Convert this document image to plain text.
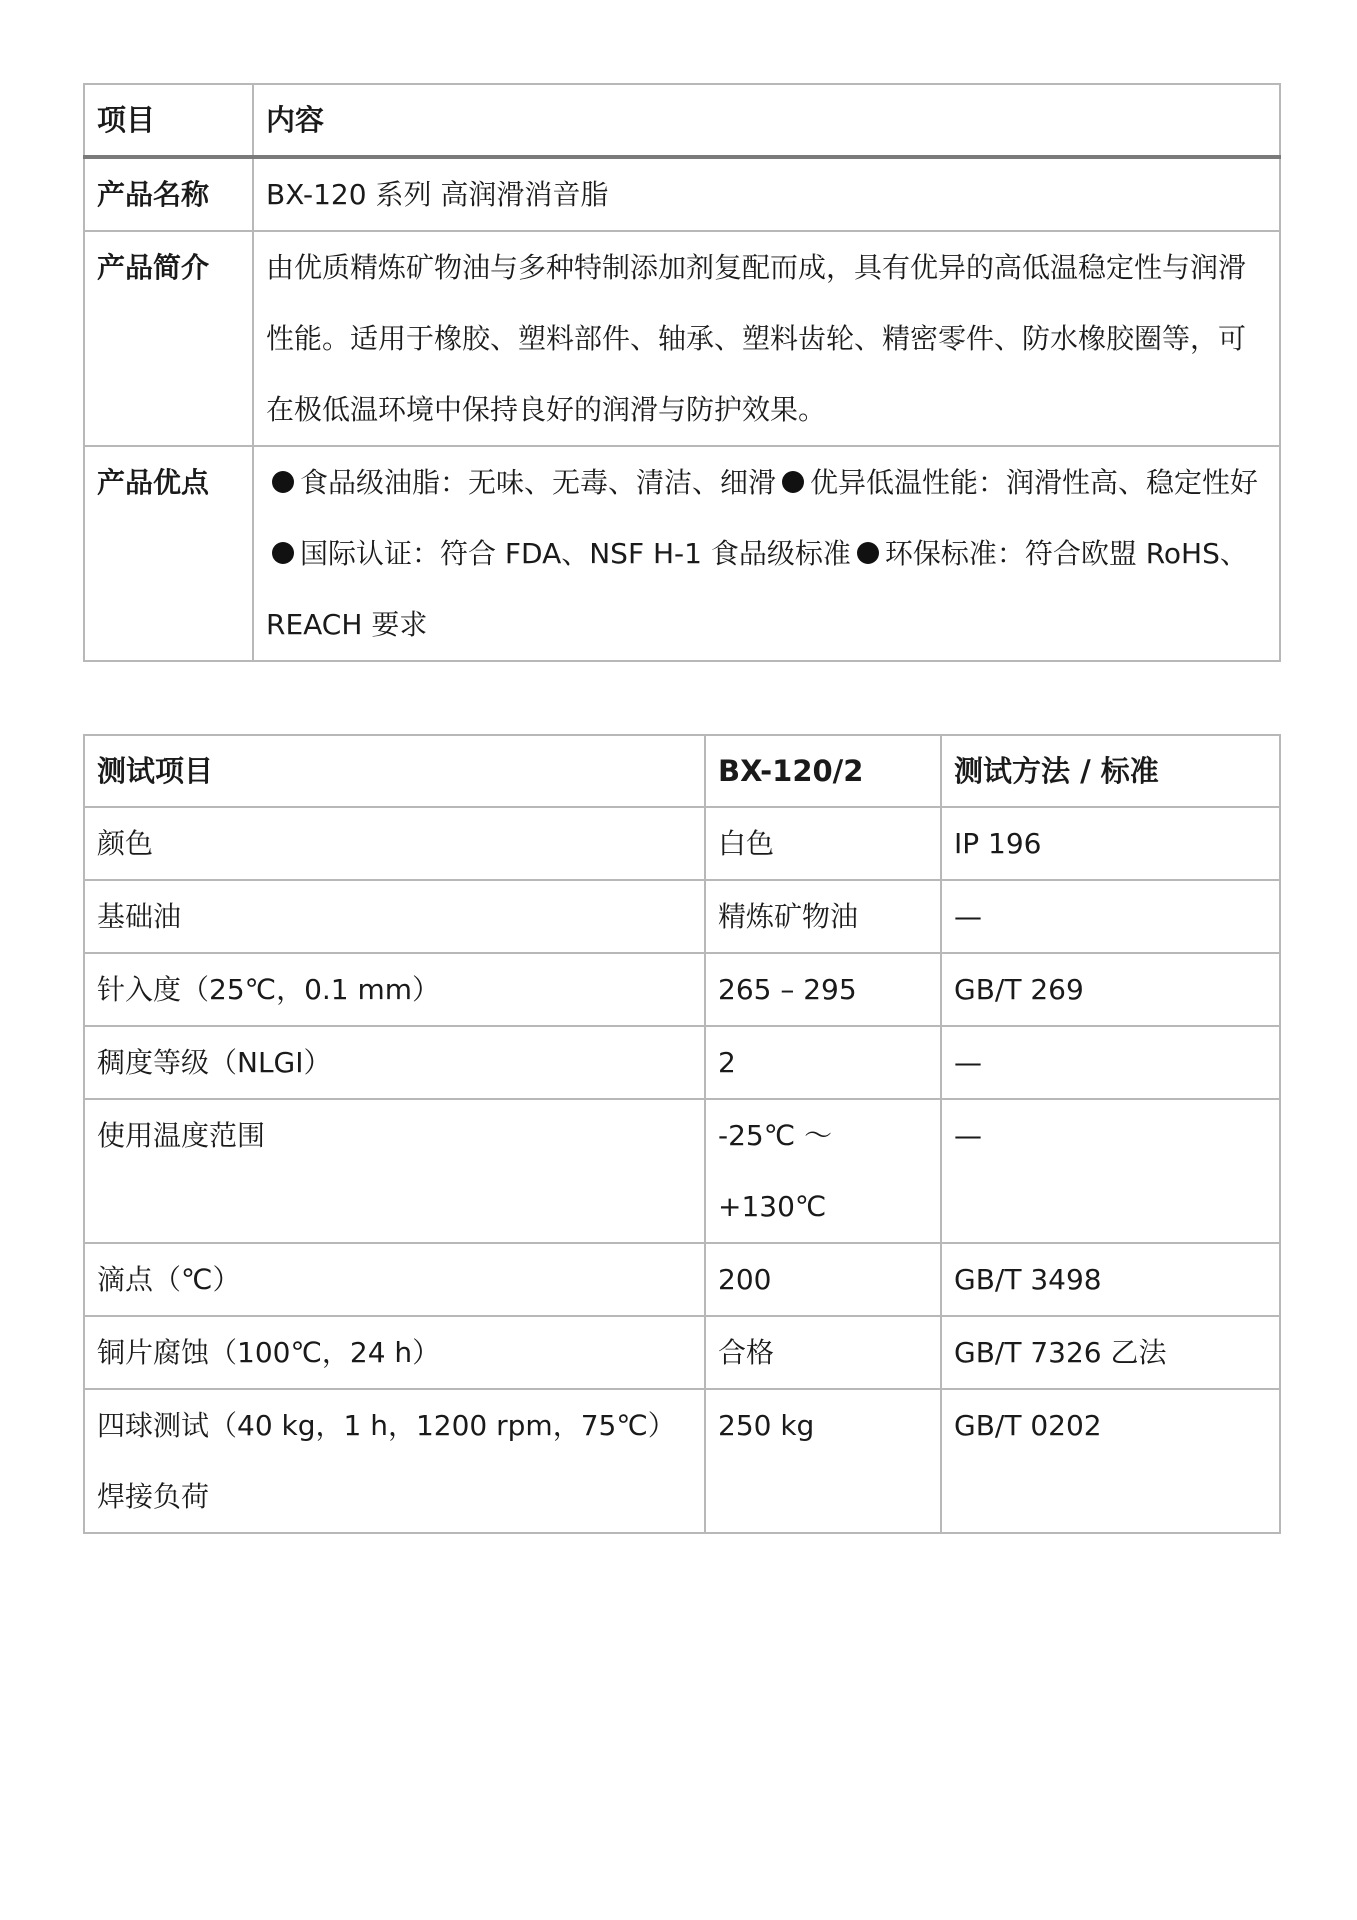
项目	内容
产品名称	BX-120 系列 高润滑消音脂
产品简介	由优质精炼矿物油与多种特制添加剂复配而成，具有优异的高低温稳定性与润滑性能。适用于橡胶、塑料部件、轴承、塑料齿轮、精密零件、防水橡胶圈等，可在极低温环境中保持良好的润滑与防护效果。
产品优点	食品级油脂：无味、无毒、清洁、细滑 优异低温性能：润滑性高、稳定性好国际认证：符合 FDA、NSF H-1 食品级标准 环保标准：符合欧盟 RoHS、REACH 要求
测试项目	BX-120/2	测试方法 / 标准
颜色	白色	IP 196
基础油	精炼矿物油	—
针入度（25℃，0.1 mm）	265 – 295	GB/T 269
稠度等级（NLGI）	2	—
使用温度范围	-25℃ ～ +130℃	—
滴点（℃）	200	GB/T 3498
铜片腐蚀（100℃，24 h）	合格	GB/T 7326 乙法
四球测试（40 kg，1 h，1200 rpm，75℃）焊接负荷	250 kg	GB/T 0202
